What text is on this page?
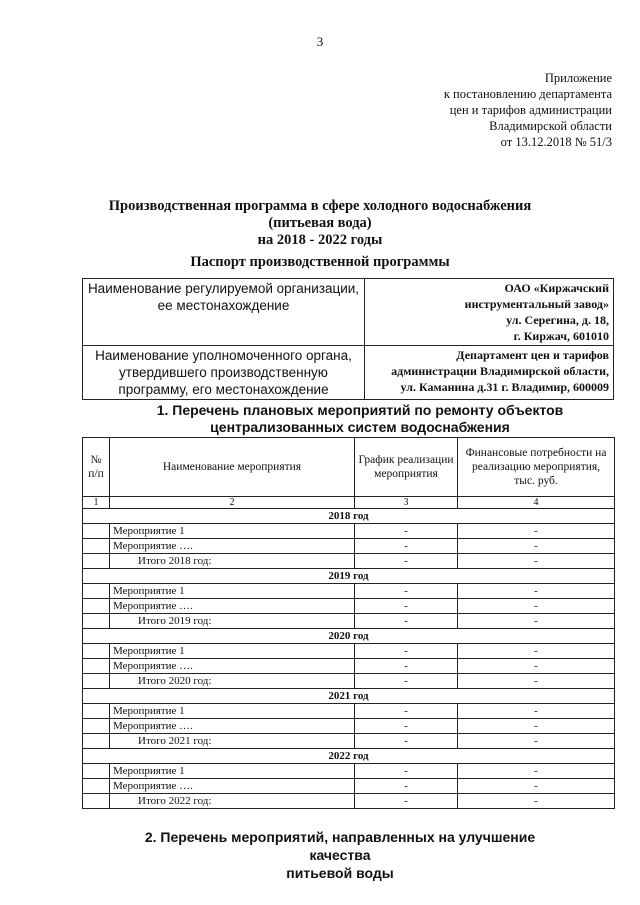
3
Приложение
к постановлению департамента
цен и тарифов администрации
Владимирской области
от 13.12.2018 № 51/3
Производственная программа в сфере холодного водоснабжения
(питьевая вода)
на 2018 - 2022 годы
Паспорт производственной программы
Наименование регулируемой организации, ее местонахождение	ОАО «Киржачский
инструментальный завод»
ул. Серегина, д. 18,
г. Киржач, 601010

Наименование уполномоченного органа, утвердившего производственную программу, его местонахождение	Департамент цен и тарифов
администрации Владимирской области,
ул. Каманина д.31 г. Владимир, 600009
1. Перечень плановых мероприятий по ремонту объектов
централизованных систем водоснабжения
№ п/п	Наименование мероприятия	График реализации мероприятия	Финансовые потребности на реализацию мероприятия, тыс. руб.
1	2	3	4
2018 год			
	Мероприятие 1	-	-
	Мероприятие ….	-	-
	Итого 2018 год:	-	-
2019 год			
	Мероприятие 1	-	-
	Мероприятие ….	-	-
	Итого 2019 год:	-	-
2020 год			
	Мероприятие 1	-	-
	Мероприятие ….	-	-
	Итого 2020 год:	-	-
2021 год			
	Мероприятие 1	-	-
	Мероприятие ….	-	-
	Итого 2021 год:	-	-
2022 год			
	Мероприятие 1	-	-
	Мероприятие ….	-	-
	Итого 2022 год:	-	-
2. Перечень мероприятий, направленных на улучшение качества
питьевой воды
